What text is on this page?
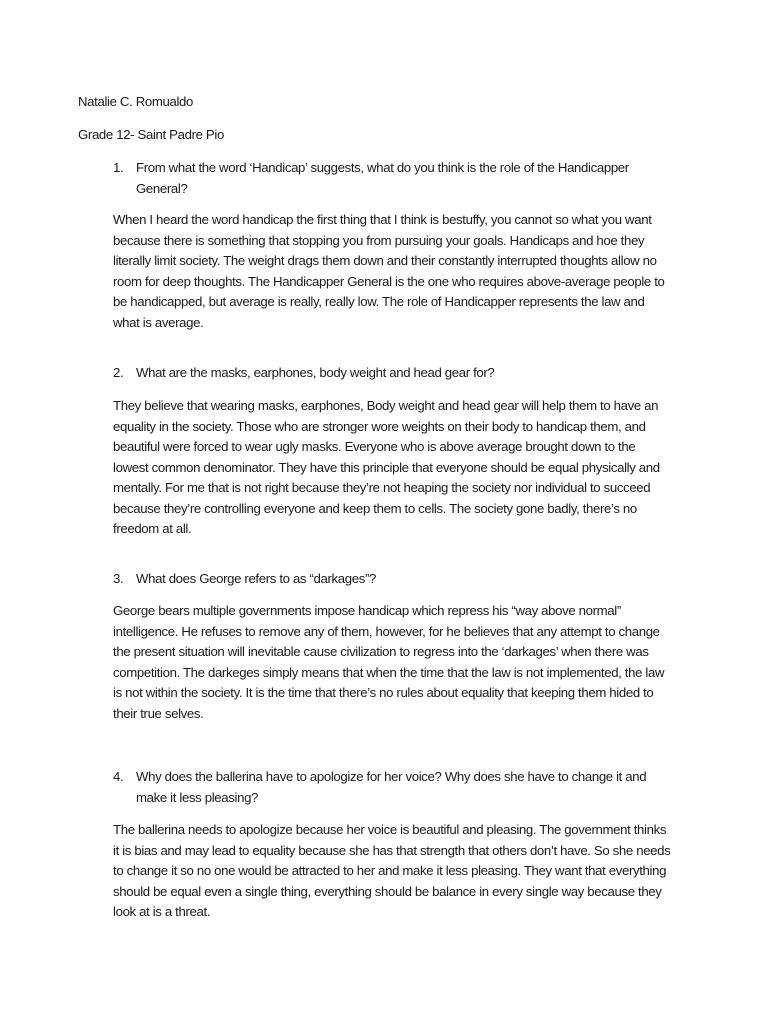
Natalie C. Romualdo
Grade 12- Saint Padre Pio
1. From what the word ‘Handicap’ suggests, what do you think is the role of the Handicapper General?
When I heard the word handicap the first thing that I think is bestuffy, you cannot so what you want because there is something that stopping you from pursuing your goals. Handicaps and hoe they literally limit society. The weight drags them down and their constantly interrupted thoughts allow no room for deep thoughts. The Handicapper General is the one who requires above-average people to be handicapped, but average is really, really low. The role of Handicapper represents the law and what is average.
2. What are the masks, earphones, body weight and head gear for?
They believe that wearing masks, earphones, Body weight and head gear will help them to have an equality in the society. Those who are stronger wore weights on their body to handicap them, and beautiful were forced to wear ugly masks. Everyone who is above average brought down to the lowest common denominator. They have this principle that everyone should be equal physically and mentally. For me that is not right because they’re not heaping the society nor individual to succeed because they’re controlling everyone and keep them to cells. The society gone badly, there’s no freedom at all.
3. What does George refers to as “darkages”?
George bears multiple governments impose handicap which repress his “way above normal” intelligence. He refuses to remove any of them, however, for he believes that any attempt to change the present situation will inevitable cause civilization to regress into the ‘darkages’ when there was competition. The darkeges simply means that when the time that the law is not implemented, the law is not within the society. It is the time that there’s no rules about equality that keeping them hided to their true selves.
4. Why does the ballerina have to apologize for her voice? Why does she have to change it and make it less pleasing?
The ballerina needs to apologize because her voice is beautiful and pleasing. The government thinks it is bias and may lead to equality because she has that strength that others don’t have. So she needs to change it so no one would be attracted to her and make it less pleasing. They want that everything should be equal even a single thing, everything should be balance in every single way because they look at is a threat.
